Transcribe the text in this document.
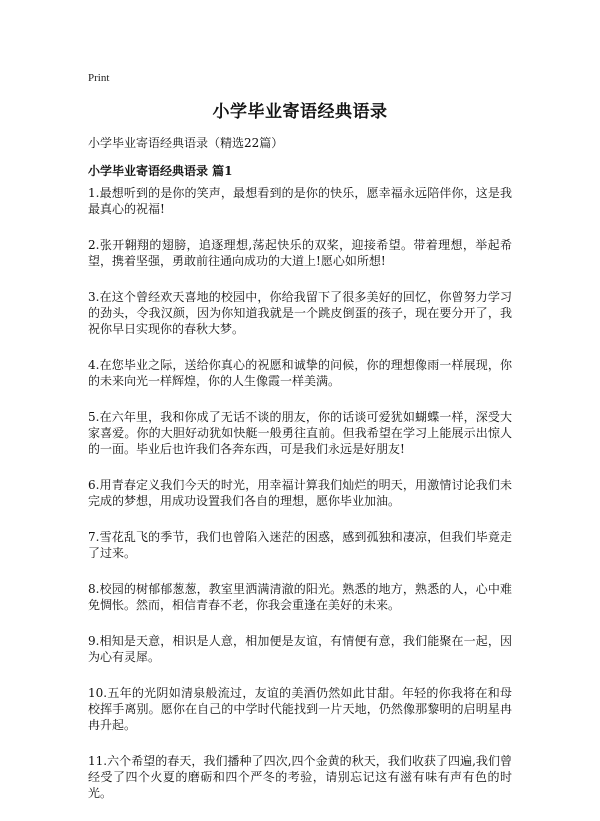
Print
小学毕业寄语经典语录
小学毕业寄语经典语录（精选22篇）
小学毕业寄语经典语录 篇1

1.最想听到的是你的笑声，最想看到的是你的快乐，愿幸福永远陪伴你，这是我最真心的祝福!

2.张开翱翔的翅膀，追逐理想,荡起快乐的双桨，迎接希望。带着理想，举起希望，携着坚强，勇敢前往通向成功的大道上!愿心如所想!

3.在这个曾经欢天喜地的校园中，你给我留下了很多美好的回忆，你曾努力学习的劲头，令我汉颜，因为你知道我就是一个跳皮倒蛋的孩子，现在要分开了，我祝你早日实现你的春秋大梦。

4.在您毕业之际，送给你真心的祝愿和诚挚的问候，你的理想像雨一样展现，你的未来向光一样辉煌，你的人生像霞一样美满。

5.在六年里，我和你成了无话不谈的朋友，你的话谈可爱犹如蝴蝶一样，深受大家喜爱。你的大胆好动犹如快艇一般勇往直前。但我希望在学习上能展示出惊人的一面。毕业后也许我们各奔东西，可是我们永远是好朋友!

6.用青春定义我们今天的时光，用幸福计算我们灿烂的明天，用激情讨论我们未完成的梦想，用成功设置我们各自的理想，愿你毕业加油。

7.雪花乱飞的季节，我们也曾陷入迷茫的困惑，感到孤独和凄凉，但我们毕竟走了过来。

8.校园的树郁郁葱葱，教室里洒满清澈的阳光。熟悉的地方，熟悉的人，心中难免惆怅。然而，相信青春不老，你我会重逢在美好的未来。

9.相知是天意，相识是人意，相加便是友谊，有情便有意，我们能聚在一起，因为心有灵犀。

10.五年的光阴如清泉般流过，友谊的美酒仍然如此甘甜。年轻的你我将在和母校挥手离别。愿你在自己的中学时代能找到一片天地，仍然像那黎明的启明星冉冉升起。

11.六个希望的春天，我们播种了四次,四个金黄的秋天，我们收获了四遍,我们曾经受了四个火夏的磨砺和四个严冬的考验，请别忘记这有滋有味有声有色的时光。
